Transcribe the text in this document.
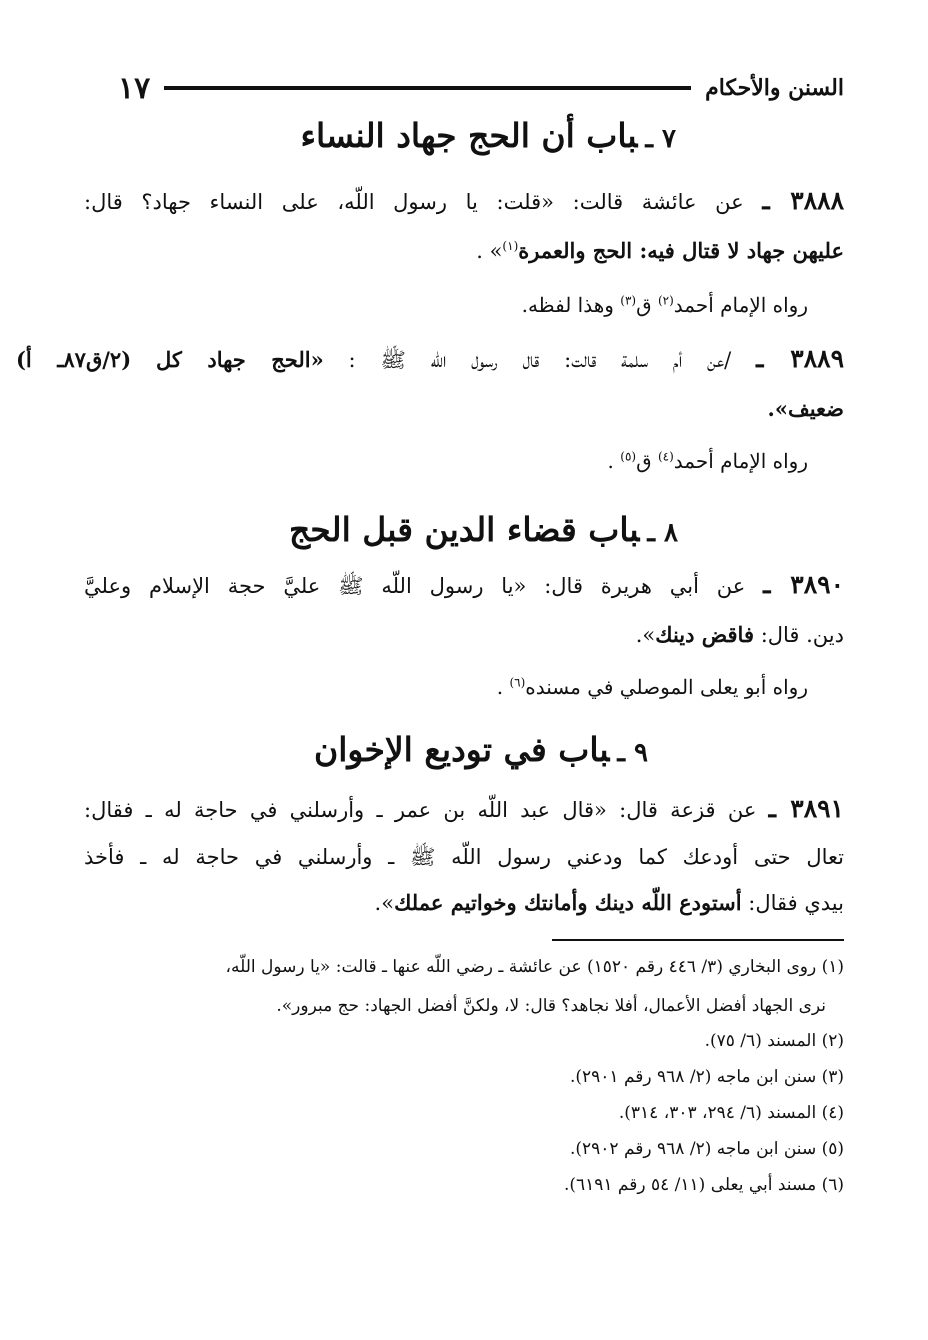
السنن والأحكام
١٧
٧ ـباب أن الحج جهاد النساء
٣٨٨٨ ـ عن عائشة قالت: «قلت: يا رسول اللّه، على النساء جهاد؟ قال:
عليهن جهاد لا قتال فيه: الحج والعمرة$^{(١)}$» .
رواه الإمام أحمد$^{(٢)}$ ق$^{(٣)}$ وهذا لفظه.
٣٨٨٩ ـ /عن أم سلمة قالت: قال رسول اللّه ﷺ : «الحج جهاد كل (٢/ق٨٧ـ أ)
ضعيف».
رواه الإمام أحمد$^{(٤)}$ ق$^{(٥)}$ .
٨ ـباب قضاء الدين قبل الحج
٣٨٩٠ ـ عن أبي هريرة قال: «يا رسول اللّه ﷺ عليَّ حجة الإسلام وعليَّ
دين. قال: فاقض دينك».
رواه أبو يعلى الموصلي في مسنده$^{(٦)}$ .
٩ ـباب في توديع الإخوان
٣٨٩١ ـ عن قزعة قال: «قال عبد اللّه بن عمر ـ وأرسلني في حاجة له ـ فقال:
تعال حتى أودعك كما ودعني رسول اللّه ﷺ ـ وأرسلني في حاجة له ـ فأخذ
بيدي فقال: أستودع اللّه دينك وأمانتك وخواتيم عملك».
(١) روى البخاري (٣/ ٤٤٦ رقم ١٥٢٠) عن عائشة ـ رضي اللّه عنها ـ قالت: «يا رسول اللّه،
نرى الجهاد أفضل الأعمال، أفلا نجاهد؟ قال: لا، ولكنَّ أفضل الجهاد: حج مبرور».
(٢) المسند (٦/ ٧٥).
(٣) سنن ابن ماجه (٢/ ٩٦٨ رقم ٢٩٠١).
(٤) المسند (٦/ ٢٩٤، ٣٠٣، ٣١٤).
(٥) سنن ابن ماجه (٢/ ٩٦٨ رقم ٢٩٠٢).
(٦) مسند أبي يعلى (١١/ ٥٤ رقم ٦١٩١).
